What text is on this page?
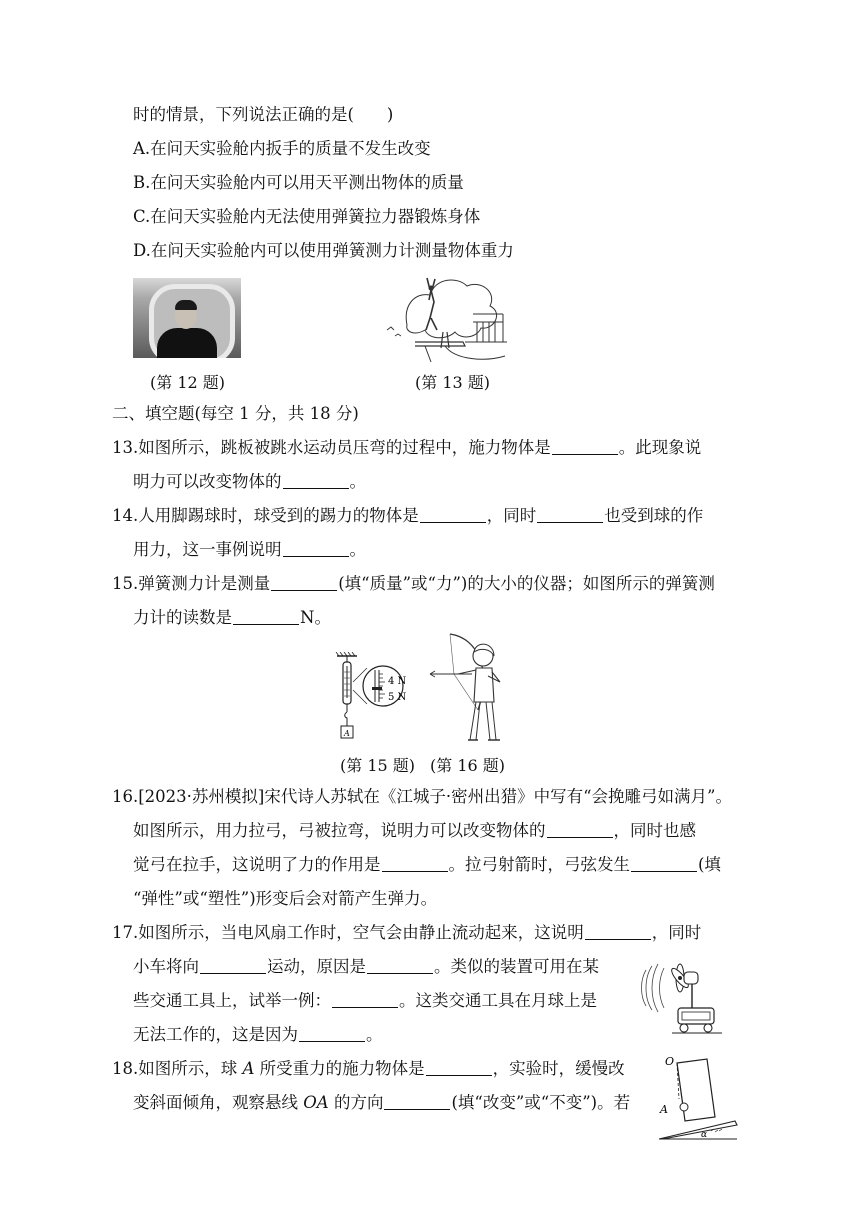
时的情景，下列说法正确的是(　　)
A.在问天实验舱内扳手的质量不发生改变
B.在问天实验舱内可以用天平测出物体的质量
C.在问天实验舱内无法使用弹簧拉力器锻炼身体
D.在问天实验舱内可以使用弹簧测力计测量物体重力
(第 12 题)	(第 13 题)
二、填空题(每空 1 分，共 18 分)
13.如图所示，跳板被跳水运动员压弯的过程中，施力物体是	。此现象说
明力可以改变物体的	。
14.人用脚踢球时，球受到的踢力的物体是	，同时	也受到球的作
用力，这一事例说明	。
15.弹簧测力计是测量	(填“质量”或“力”)的大小的仪器；如图所示的弹簧测
力计的读数是	N。
4 N
5 N
A
(第 15 题) (第 16 题)
16.[2023·苏州模拟]宋代诗人苏轼在《江城子·密州出猎》中写有“会挽雕弓如满月”。
如图所示，用力拉弓，弓被拉弯，说明力可以改变物体的	，同时也感
觉弓在拉手，这说明了力的作用是	。拉弓射箭时，弓弦发生	(填
“弹性”或“塑性”)形变后会对箭产生弹力。
17.如图所示，当电风扇工作时，空气会由静止流动起来，这说明	，同时
小车将向	运动，原因是	。类似的装置可用在某
些交通工具上，试举一例：	。这类交通工具在月球上是
无法工作的，这是因为	。
18.如图所示，球 A 所受重力的施力物体是	，实验时，缓慢改
变斜面倾角，观察悬线 OA 的方向	(填“改变”或“不变”)。若
O
A
α
